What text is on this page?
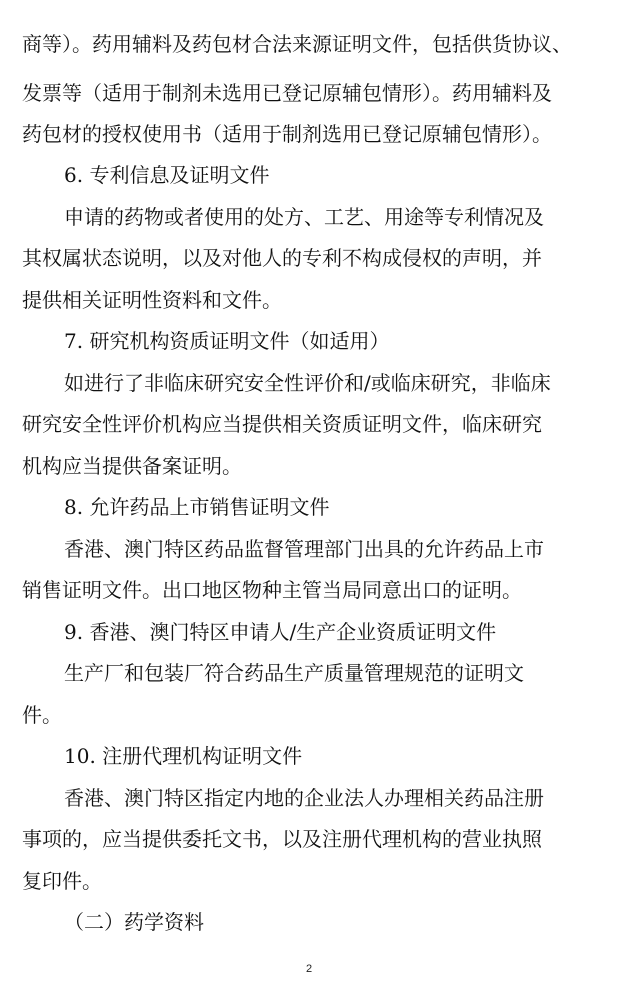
商等）。药用辅料及药包材合法来源证明文件，包括供货协议、
发票等（适用于制剂未选用已登记原辅包情形）。药用辅料及
药包材的授权使用书（适用于制剂选用已登记原辅包情形）。
6. 专利信息及证明文件
申请的药物或者使用的处方、工艺、用途等专利情况及
其权属状态说明，以及对他人的专利不构成侵权的声明，并
提供相关证明性资料和文件。
7. 研究机构资质证明文件（如适用）
如进行了非临床研究安全性评价和/或临床研究，非临床
研究安全性评价机构应当提供相关资质证明文件，临床研究
机构应当提供备案证明。
8. 允许药品上市销售证明文件
香港、澳门特区药品监督管理部门出具的允许药品上市
销售证明文件。出口地区物种主管当局同意出口的证明。
9. 香港、澳门特区申请人/生产企业资质证明文件
生产厂和包装厂符合药品生产质量管理规范的证明文
件。
10. 注册代理机构证明文件
香港、澳门特区指定内地的企业法人办理相关药品注册
事项的，应当提供委托文书，以及注册代理机构的营业执照
复印件。
（二）药学资料
2
